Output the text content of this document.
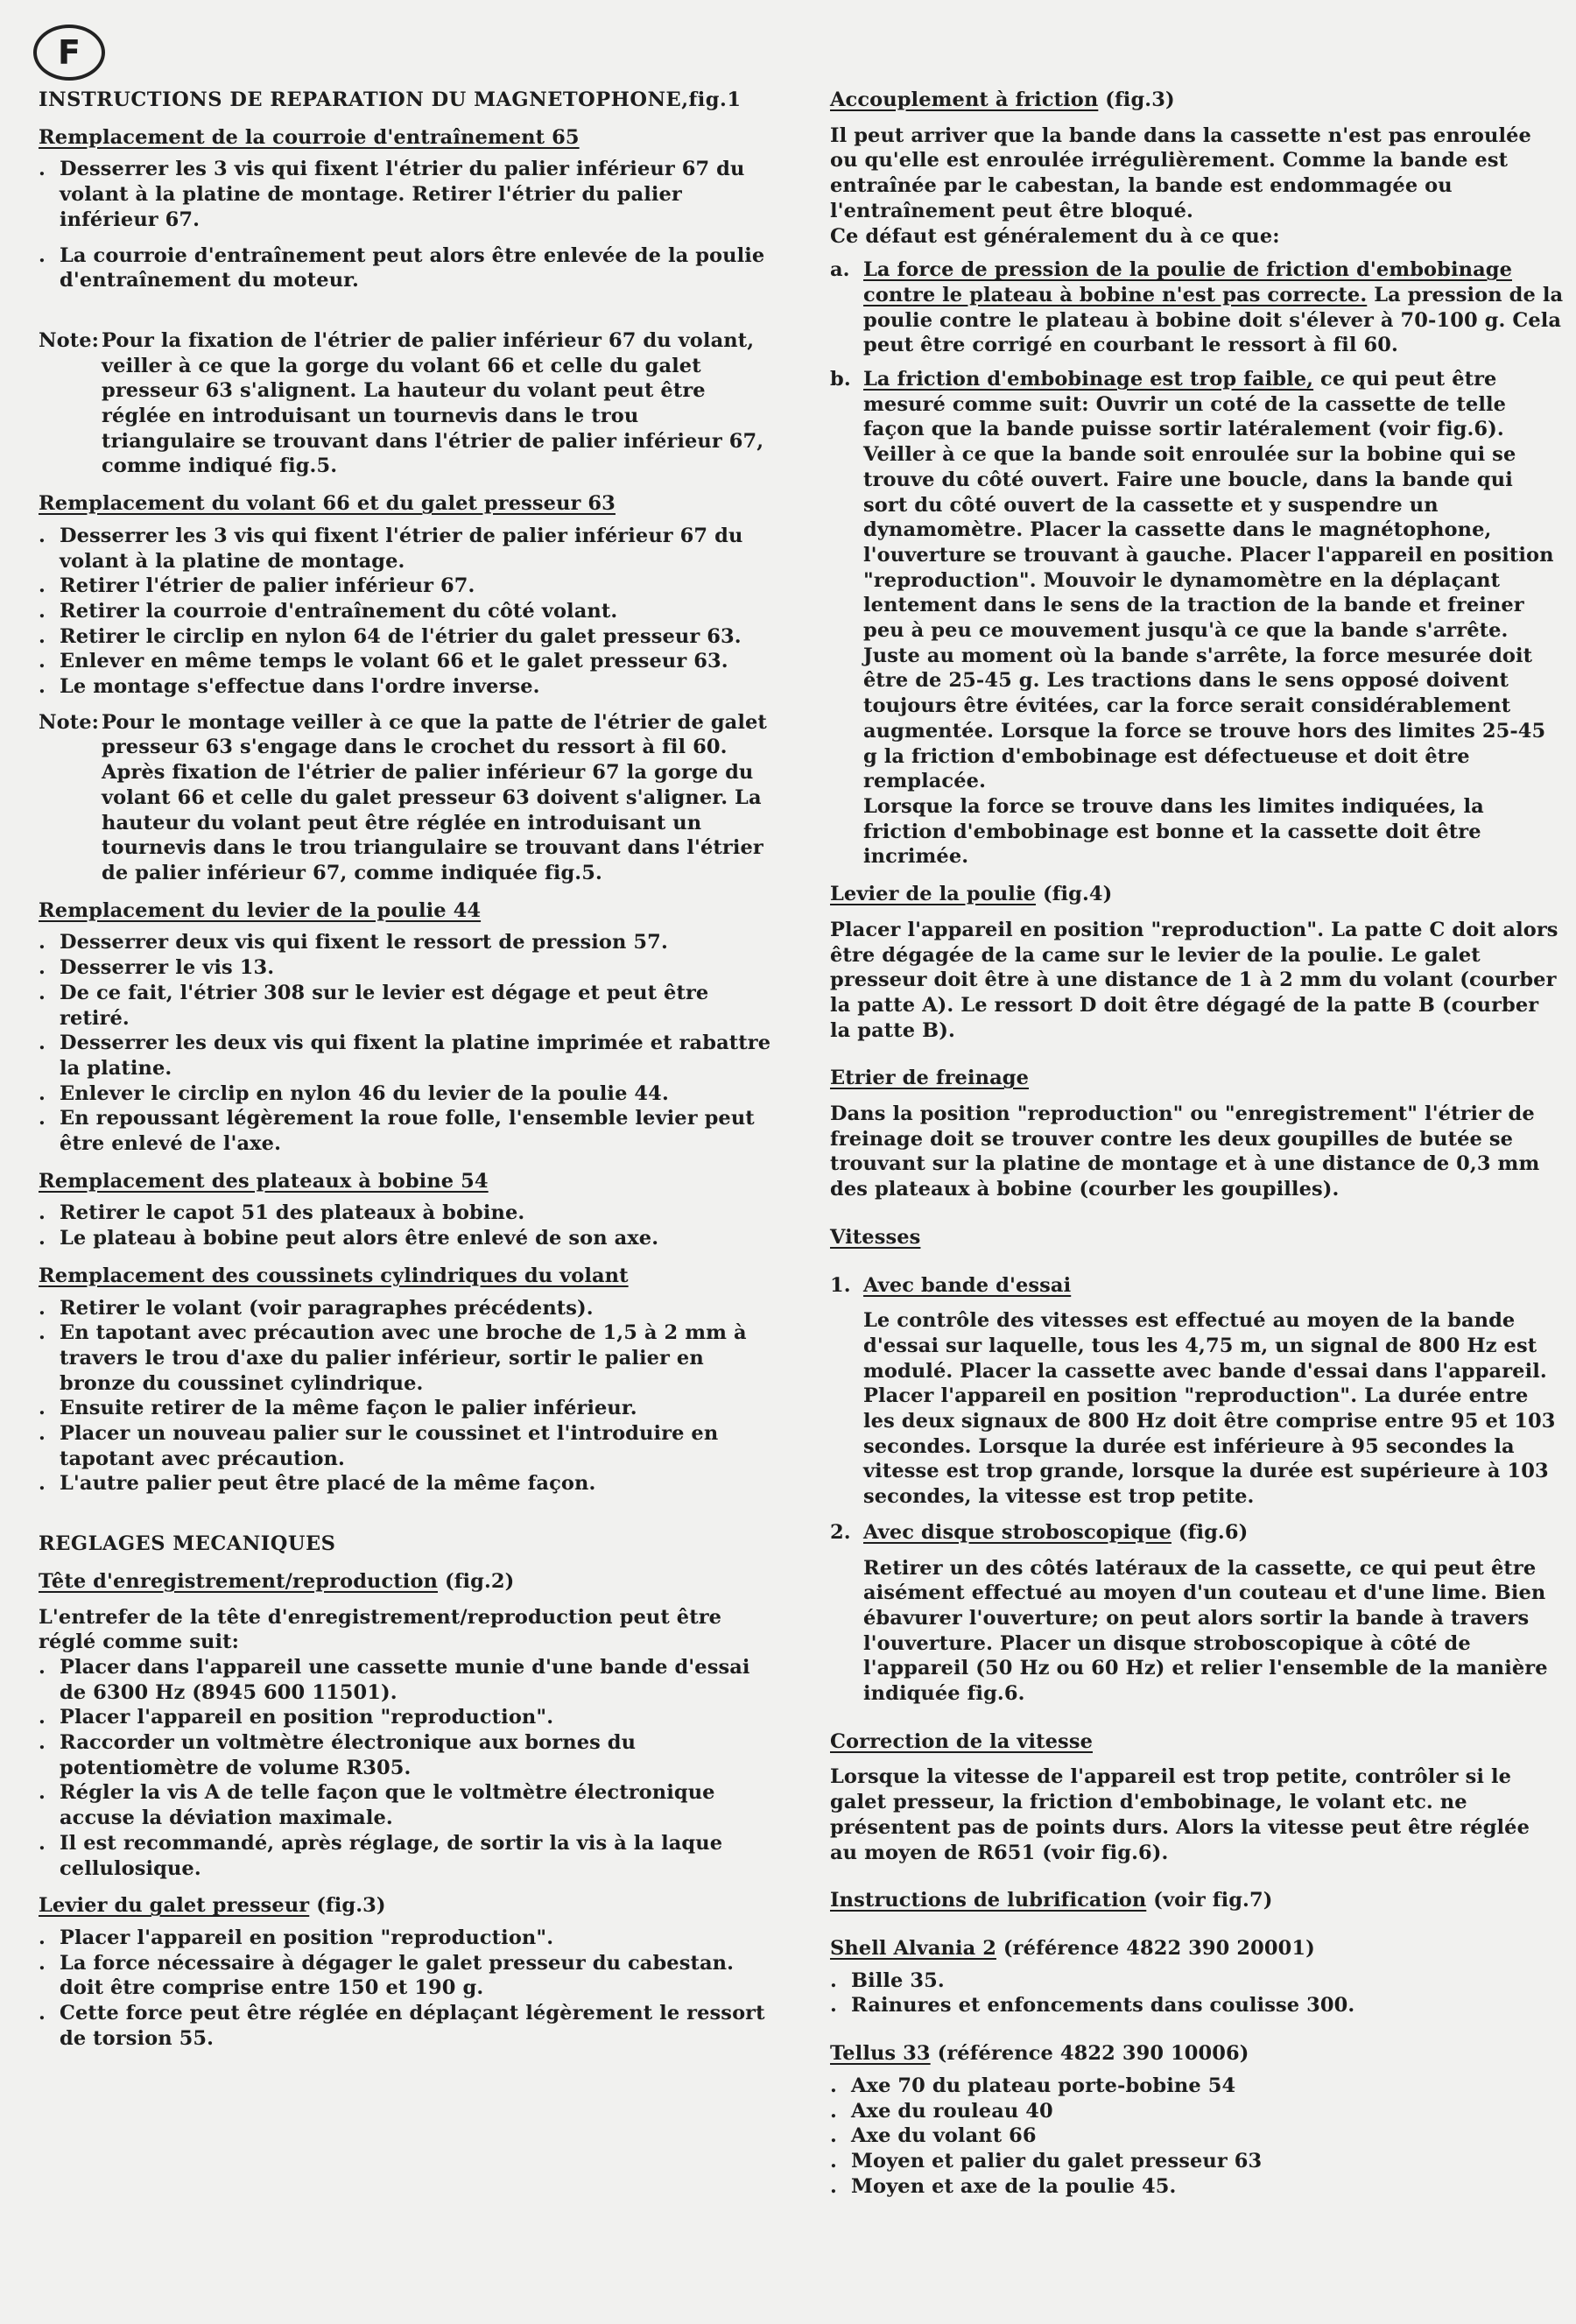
F

INSTRUCTIONS DE REPARATION DU MAGNETOPHONE,fig.1

Remplacement de la courroie d'entraînement 65

. Desserrer les 3 vis qui fixent l'étrier du palier inférieur 67 du volant à la platine de montage. Retirer l'étrier du palier inférieur 67.
. La courroie d'entraînement peut alors être enlevée de la poulie d'entraînement du moteur.
Note: Pour la fixation de l'étrier de palier inférieur 67 du volant, veiller à ce que la gorge du volant 66 et celle du galet presseur 63 s'alignent. La hauteur du volant peut être réglée en introduisant un tournevis dans le trou triangulaire se trouvant dans l'étrier de palier inférieur 67, comme indiqué fig.5.

Remplacement du volant 66 et du galet presseur 63

. Desserrer les 3 vis qui fixent l'étrier de palier inférieur 67 du volant à la platine de montage.
. Retirer l'étrier de palier inférieur 67.
. Retirer la courroie d'entraînement du côté volant.
. Retirer le circlip en nylon 64 de l'étrier du galet presseur 63.
. Enlever en même temps le volant 66 et le galet presseur 63.
. Le montage s'effectue dans l'ordre inverse.
Note: Pour le montage veiller à ce que la patte de l'étrier de galet presseur 63 s'engage dans le crochet du ressort à fil 60. Après fixation de l'étrier de palier inférieur 67 la gorge du volant 66 et celle du galet presseur 63 doivent s'aligner. La hauteur du volant peut être réglée en introduisant un tournevis dans le trou triangulaire se trouvant dans l'étrier de palier inférieur 67, comme indiquée fig.5.

Remplacement du levier de la poulie 44

. Desserrer deux vis qui fixent le ressort de pression 57.
. Desserrer le vis 13.
. De ce fait, l'étrier 308 sur le levier est dégage et peut être retiré.
. Desserrer les deux vis qui fixent la platine imprimée et rabattre la platine.
. Enlever le circlip en nylon 46 du levier de la poulie 44.
. En repoussant légèrement la roue folle, l'ensemble levier peut être enlevé de l'axe.

Remplacement des plateaux à bobine 54

. Retirer le capot 51 des plateaux à bobine.
. Le plateau à bobine peut alors être enlevé de son axe.

Remplacement des coussinets cylindriques du volant

. Retirer le volant (voir paragraphes précédents).
. En tapotant avec précaution avec une broche de 1,5 à 2 mm à travers le trou d'axe du palier inférieur, sortir le palier en bronze du coussinet cylindrique.
. Ensuite retirer de la même façon le palier inférieur.
. Placer un nouveau palier sur le coussinet et l'introduire en tapotant avec précaution.
. L'autre palier peut être placé de la même façon.

REGLAGES MECANIQUES

Tête d'enregistrement/reproduction (fig.2)

L'entrefer de la tête d'enregistrement/reproduction peut être réglé comme suit:

. Placer dans l'appareil une cassette munie d'une bande d'essai de 6300 Hz (8945 600 11501).
. Placer l'appareil en position "reproduction".
. Raccorder un voltmètre électronique aux bornes du potentiomètre de volume R305.
. Régler la vis A de telle façon que le voltmètre électronique accuse la déviation maximale.
. Il est recommandé, après réglage, de sortir la vis à la laque cellulosique.

Levier du galet presseur (fig.3)

. Placer l'appareil en position "reproduction".
. La force nécessaire à dégager le galet presseur du cabestan. doit être comprise entre 150 et 190 g.
. Cette force peut être réglée en déplaçant légèrement le ressort de torsion 55.

Accouplement à friction (fig.3)

Il peut arriver que la bande dans la cassette n'est pas enroulée ou qu'elle est enroulée irrégulièrement. Comme la bande est entraînée par le cabestan, la bande est endommagée ou l'entraînement peut être bloqué.

Ce défaut est généralement du à ce que:

a. La force de pression de la poulie de friction d'embobinage contre le plateau à bobine n'est pas correcte. La pression de la poulie contre le plateau à bobine doit s'élever à 70-100 g. Cela peut être corrigé en courbant le ressort à fil 60.
b. La friction d'embobinage est trop faible, ce qui peut être mesuré comme suit: Ouvrir un coté de la cassette de telle façon que la bande puisse sortir latéralement (voir fig.6). Veiller à ce que la bande soit enroulée sur la bobine qui se trouve du côté ouvert. Faire une boucle, dans la bande qui sort du côté ouvert de la cassette et y suspendre un dynamomètre. Placer la cassette dans le magnétophone, l'ouverture se trouvant à gauche. Placer l'appareil en position "reproduction". Mouvoir le dynamomètre en la déplaçant lentement dans le sens de la traction de la bande et freiner peu à peu ce mouvement jusqu'à ce que la bande s'arrête.

Juste au moment où la bande s'arrête, la force mesurée doit être de 25-45 g. Les tractions dans le sens opposé doivent toujours être évitées, car la force serait considérablement augmentée. Lorsque la force se trouve hors des limites 25-45 g la friction d'embobinage est défectueuse et doit être remplacée.

Lorsque la force se trouve dans les limites indiquées, la friction d'embobinage est bonne et la cassette doit être incrimée.

Levier de la poulie (fig.4)

Placer l'appareil en position "reproduction". La patte C doit alors être dégagée de la came sur le levier de la poulie. Le galet presseur doit être à une distance de 1 à 2 mm du volant (courber la patte A). Le ressort D doit être dégagé de la patte B (courber la patte B).

Etrier de freinage

Dans la position "reproduction" ou "enregistrement" l'étrier de freinage doit se trouver contre les deux goupilles de butée se trouvant sur la platine de montage et à une distance de 0,3 mm des plateaux à bobine (courber les goupilles).

Vitesses

1. Avec bande d'essai

Le contrôle des vitesses est effectué au moyen de la bande d'essai sur laquelle, tous les 4,75 m, un signal de 800 Hz est modulé. Placer la cassette avec bande d'essai dans l'appareil. Placer l'appareil en position "reproduction". La durée entre les deux signaux de 800 Hz doit être comprise entre 95 et 103 secondes. Lorsque la durée est inférieure à 95 secondes la vitesse est trop grande, lorsque la durée est supérieure à 103 secondes, la vitesse est trop petite.

2. Avec disque stroboscopique (fig.6)

Retirer un des côtés latéraux de la cassette, ce qui peut être aisément effectué au moyen d'un couteau et d'une lime. Bien ébavurer l'ouverture; on peut alors sortir la bande à travers l'ouverture. Placer un disque stroboscopique à côté de l'appareil (50 Hz ou 60 Hz) et relier l'ensemble de la manière indiquée fig.6.

Correction de la vitesse

Lorsque la vitesse de l'appareil est trop petite, contrôler si le galet presseur, la friction d'embobinage, le volant etc. ne présentent pas de points durs. Alors la vitesse peut être réglée au moyen de R651 (voir fig.6).

Instructions de lubrification (voir fig.7)

Shell Alvania 2 (référence 4822 390 20001)

. Bille 35.
. Rainures et enfoncements dans coulisse 300.

Tellus 33 (référence 4822 390 10006)

. Axe 70 du plateau porte-bobine 54
. Axe du rouleau 40
. Axe du volant 66
. Moyen et palier du galet presseur 63
. Moyen et axe de la poulie 45.
